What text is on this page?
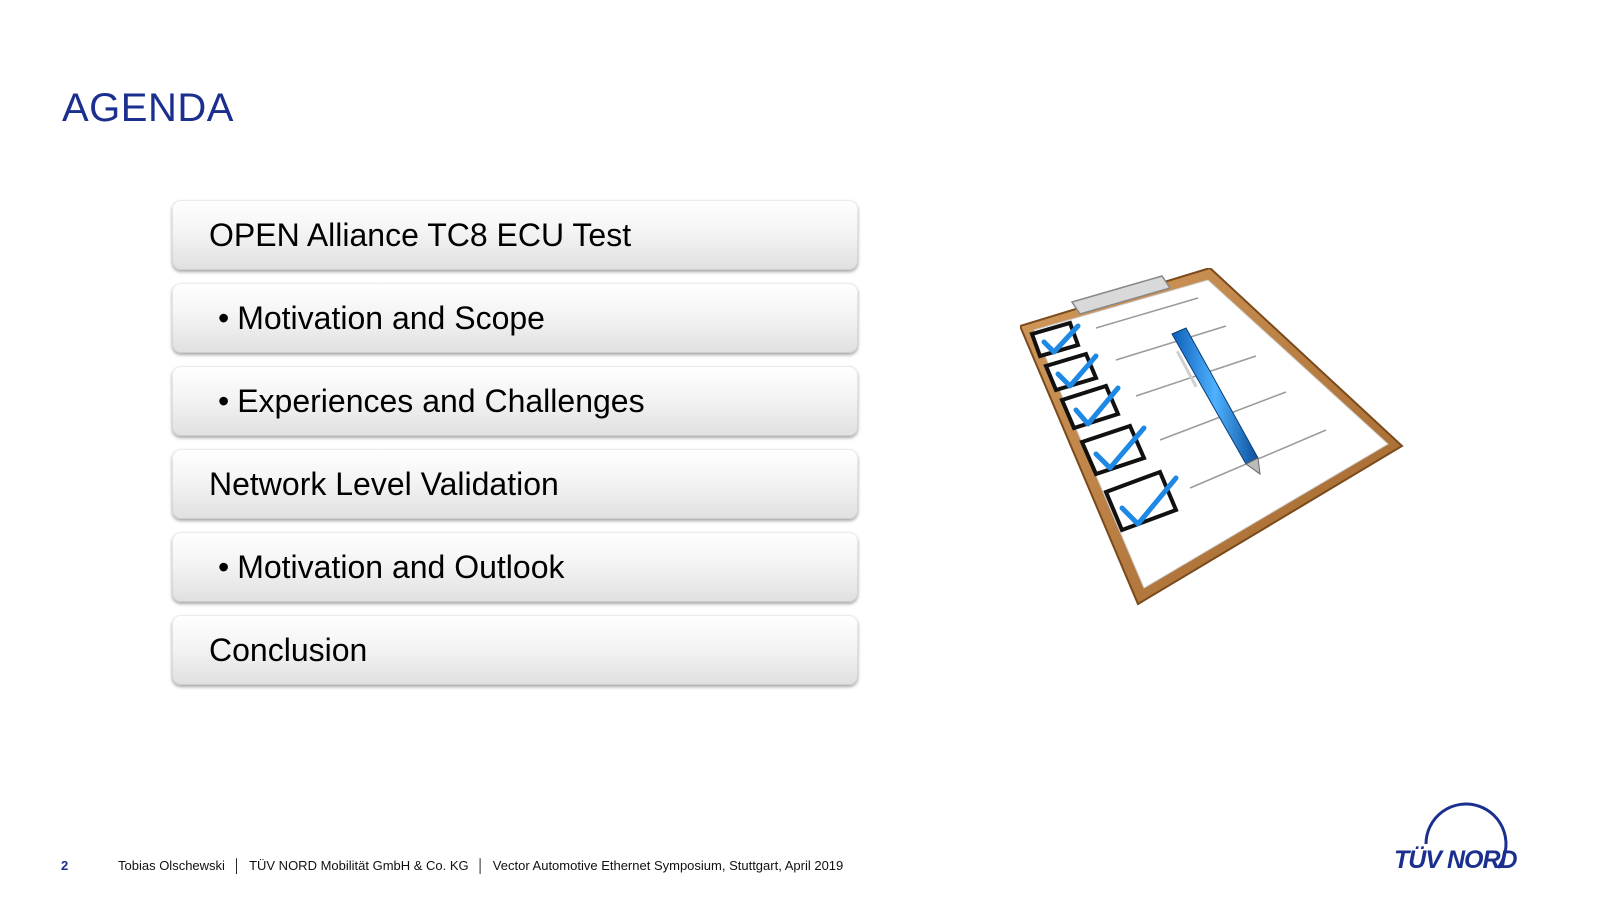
AGENDA
OPEN Alliance TC8 ECU Test
• Motivation and Scope
• Experiences and Challenges
Network Level Validation
• Motivation and Outlook
Conclusion
2	Tobias Olschewski │ TÜV NORD Mobilität GmbH & Co. KG │ Vector Automotive Ethernet Symposium, Stuttgart, April 2019	TÜV NORD
